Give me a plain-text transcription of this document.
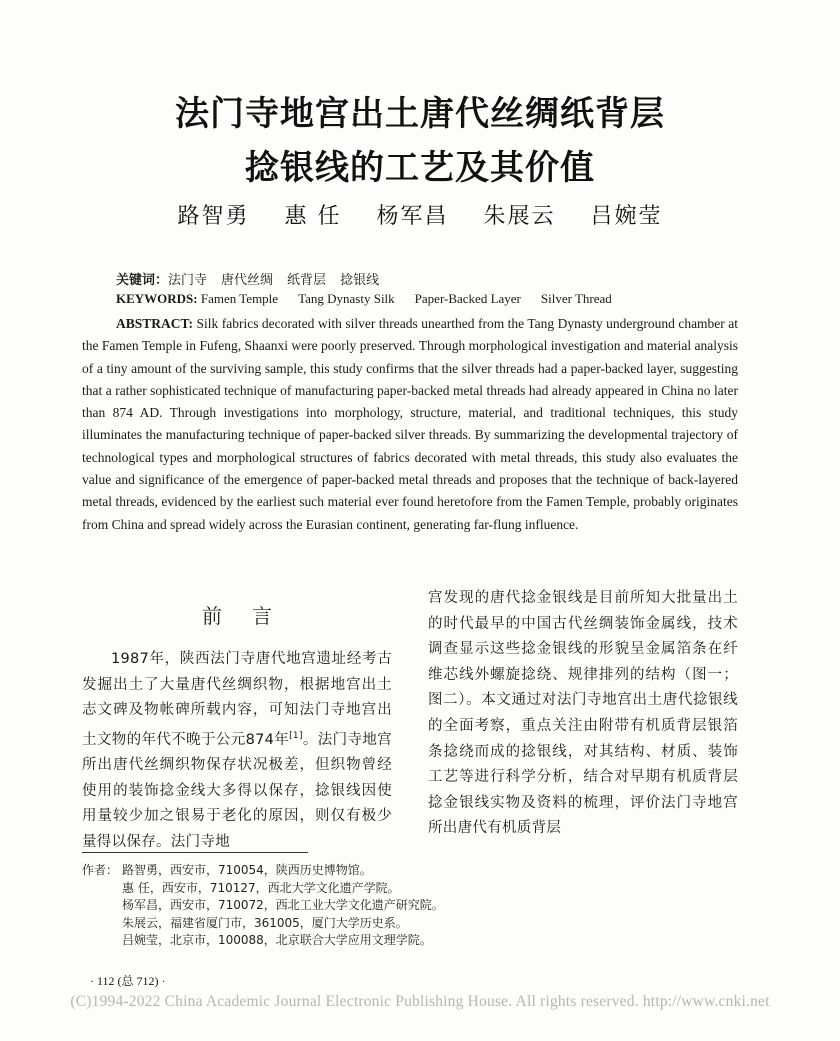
法门寺地宫出土唐代丝绸纸背层
捻银线的工艺及其价值
路智勇 惠 任 杨军昌 朱展云 吕婉莹
关键词：法门寺 唐代丝绸 纸背层 捻银线
KEYWORDS: Famen Temple Tang Dynasty Silk Paper-Backed Layer Silver Thread

ABSTRACT: Silk fabrics decorated with silver threads unearthed from the Tang Dynasty underground chamber at the Famen Temple in Fufeng, Shaanxi were poorly preserved. Through morphological investigation and material analysis of a tiny amount of the surviving sample, this study confirms that the silver threads had a paper-backed layer, suggesting that a rather sophisticated technique of manufacturing paper-backed metal threads had already appeared in China no later than 874 AD. Through investigations into morphology, structure, material, and traditional techniques, this study illuminates the manufacturing technique of paper-backed silver threads. By summarizing the developmental trajectory of technological types and morphological structures of fabrics decorated with metal threads, this study also evaluates the value and significance of the emergence of paper-backed metal threads and proposes that the technique of back-layered metal threads, evidenced by the earliest such material ever found heretofore from the Famen Temple, probably originates from China and spread widely across the Eurasian continent, generating far-flung influence.

前言

1987年，陕西法门寺唐代地宫遗址经考古发掘出土了大量唐代丝绸织物，根据地宫出土志文碑及物帐碑所载内容，可知法门寺地宫出土文物的年代不晚于公元874年[1]。法门寺地宫所出唐代丝绸织物保存状况极差，但织物曾经使用的装饰捻金线大多得以保存，捻银线因使用量较少加之银易于老化的原因，则仅有极少量得以保存。法门寺地

宫发现的唐代捻金银线是目前所知大批量出土的时代最早的中国古代丝绸装饰金属线，技术调查显示这些捻金银线的形貌呈金属箔条在纤维芯线外螺旋捻绕、规律排列的结构（图一；图二）。本文通过对法门寺地宫出土唐代捻银线的全面考察，重点关注由附带有机质背层银箔条捻绕而成的捻银线，对其结构、材质、装饰工艺等进行科学分析，结合对早期有机质背层捻金银线实物及资料的梳理，评价法门寺地宫所出唐代有机质背层

作者： 路智勇，西安市，710054，陕西历史博物馆。
惠 任，西安市，710127，西北大学文化遗产学院。
杨军昌，西安市，710072，西北工业大学文化遗产研究院。
朱展云，福建省厦门市，361005，厦门大学历史系。
吕婉莹，北京市，100088，北京联合大学应用文理学院。
· 112 (总 712) ·
(C)1994-2022 China Academic Journal Electronic Publishing House. All rights reserved. http://www.cnki.net
